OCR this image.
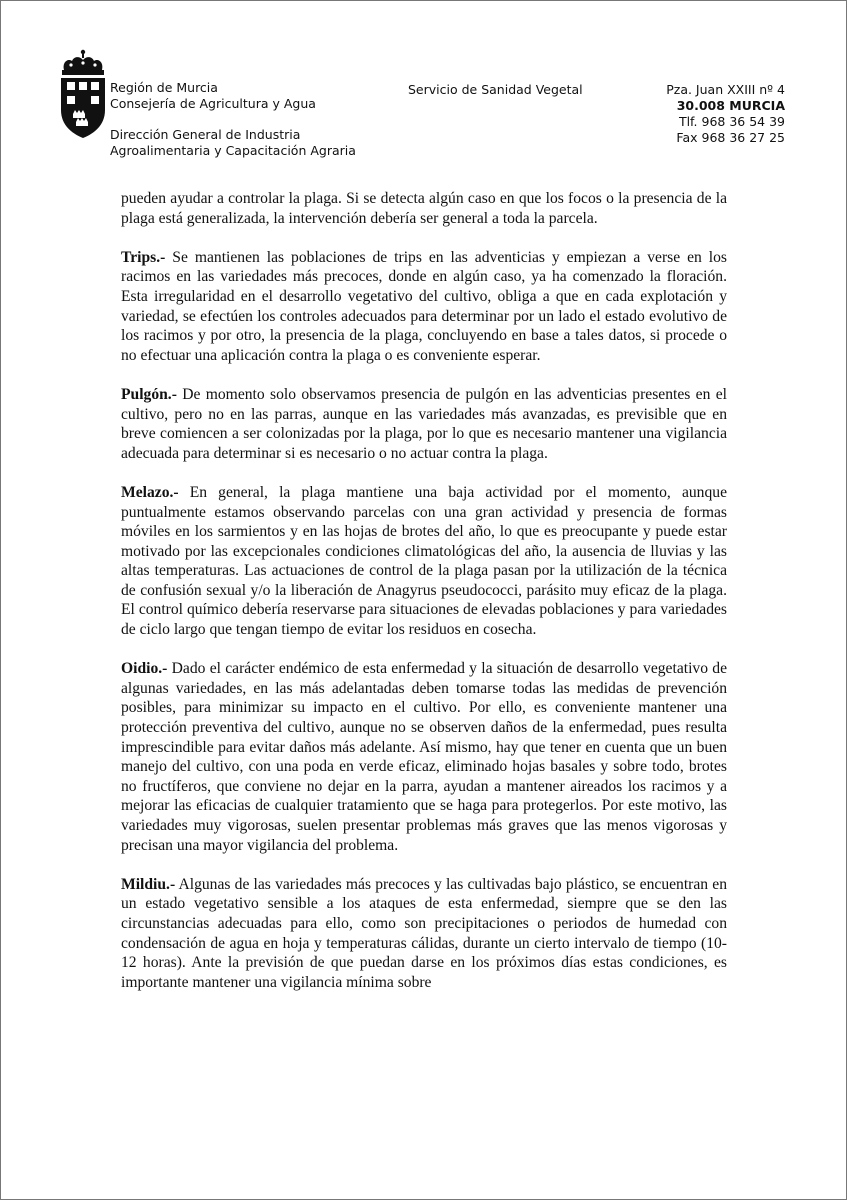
Región de Murcia
Consejería de Agricultura y Agua
Dirección General de Industria
Agroalimentaria y Capacitación Agraria
Servicio de Sanidad Vegetal	Pza. Juan XXIII nº 4
30.008 MURCIA
Tlf. 968 36 54 39
Fax 968 36 27 25

pueden ayudar a controlar la plaga. Si se detecta algún caso en que los focos o la presencia de la plaga está generalizada, la intervención debería ser general a toda la parcela.

Trips.- Se mantienen las poblaciones de trips en las adventicias y empiezan a verse en los racimos en las variedades más precoces, donde en algún caso, ya ha comenzado la floración. Esta irregularidad en el desarrollo vegetativo del cultivo, obliga a que en cada explotación y variedad, se efectúen los controles adecuados para determinar por un lado el estado evolutivo de los racimos y por otro, la presencia de la plaga, concluyendo en base a tales datos, si procede o no efectuar una aplicación contra la plaga o es conveniente esperar.

Pulgón.- De momento solo observamos presencia de pulgón en las adventicias presentes en el cultivo, pero no en las parras, aunque en las variedades más avanzadas, es previsible que en breve comiencen a ser colonizadas por la plaga, por lo que es necesario mantener una vigilancia adecuada para determinar si es necesario o no actuar contra la plaga.

Melazo.- En general, la plaga mantiene una baja actividad por el momento, aunque puntualmente estamos observando parcelas con una gran actividad y presencia de formas móviles en los sarmientos y en las hojas de brotes del año, lo que es preocupante y puede estar motivado por las excepcionales condiciones climatológicas del año, la ausencia de lluvias y las altas temperaturas. Las actuaciones de control de la plaga pasan por la utilización de la técnica de confusión sexual y/o la liberación de Anagyrus pseudococci, parásito muy eficaz de la plaga. El control químico debería reservarse para situaciones de elevadas poblaciones y para variedades de ciclo largo que tengan tiempo de evitar los residuos en cosecha.

Oidio.- Dado el carácter endémico de esta enfermedad y la situación de desarrollo vegetativo de algunas variedades, en las más adelantadas deben tomarse todas las medidas de prevención posibles, para minimizar su impacto en el cultivo. Por ello, es conveniente mantener una protección preventiva del cultivo, aunque no se observen daños de la enfermedad, pues resulta imprescindible para evitar daños más adelante. Así mismo, hay que tener en cuenta que un buen manejo del cultivo, con una poda en verde eficaz, eliminado hojas basales y sobre todo, brotes no fructíferos, que conviene no dejar en la parra, ayudan a mantener aireados los racimos y a mejorar las eficacias de cualquier tratamiento que se haga para protegerlos. Por este motivo, las variedades muy vigorosas, suelen presentar problemas más graves que las menos vigorosas y precisan una mayor vigilancia del problema.

Mildiu.- Algunas de las variedades más precoces y las cultivadas bajo plástico, se encuentran en un estado vegetativo sensible a los ataques de esta enfermedad, siempre que se den las circunstancias adecuadas para ello, como son precipitaciones o periodos de humedad con condensación de agua en hoja y temperaturas cálidas, durante un cierto intervalo de tiempo (10-12 horas). Ante la previsión de que puedan darse en los próximos días estas condiciones, es importante mantener una vigilancia mínima sobre
